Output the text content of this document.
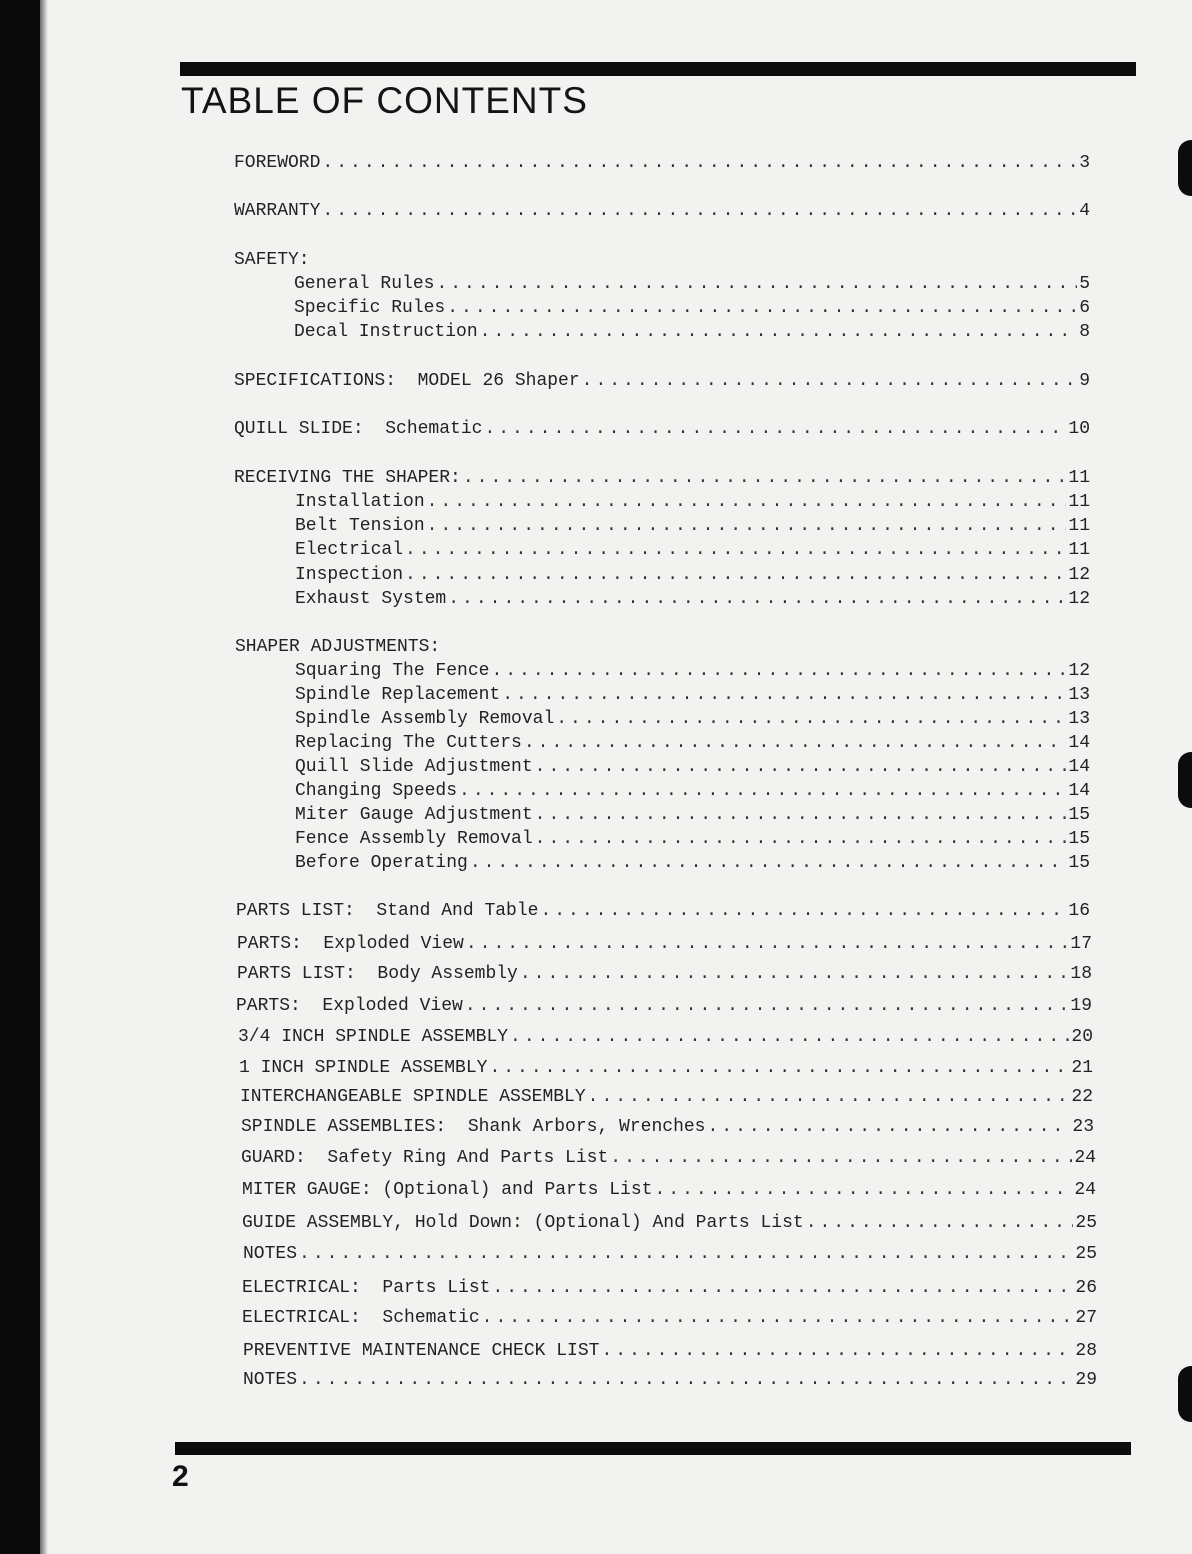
TABLE OF CONTENTS
FOREWORD .....	3
WARRANTY .....	4
SAFETY:
General Rules .....	5
Specific Rules .....	6
Decal Instruction .....	8
SPECIFICATIONS:  MODEL 26 Shaper .....	9
QUILL SLIDE:  Schematic .....	10
RECEIVING THE SHAPER: .....	11
Installation .....	11
Belt Tension .....	11
Electrical .....	11
Inspection .....	12
Exhaust System .....	12
SHAPER ADJUSTMENTS:
Squaring The Fence .....	12
Spindle Replacement .....	13
Spindle Assembly Removal .....	13
Replacing The Cutters .....	14
Quill Slide Adjustment .....	14
Changing Speeds .....	14
Miter Gauge Adjustment .....	15
Fence Assembly Removal .....	15
Before Operating .....	15
PARTS LIST:  Stand And Table .....	16
PARTS:  Exploded View .....	17
PARTS LIST:  Body Assembly .....	18
PARTS:  Exploded View .....	19
3/4 INCH SPINDLE ASSEMBLY .....	20
1 INCH SPINDLE ASSEMBLY .....	21
INTERCHANGEABLE SPINDLE ASSEMBLY .....	22
SPINDLE ASSEMBLIES:  Shank Arbors, Wrenches .....	23
GUARD:  Safety Ring And Parts List .....	24
MITER GAUGE: (Optional) and Parts List .....	24
GUIDE ASSEMBLY, Hold Down: (Optional) And Parts List .....	25
NOTES .....	25
ELECTRICAL:  Parts List .....	26
ELECTRICAL:  Schematic .....	27
PREVENTIVE MAINTENANCE CHECK LIST .....	28
NOTES .....	29
2
